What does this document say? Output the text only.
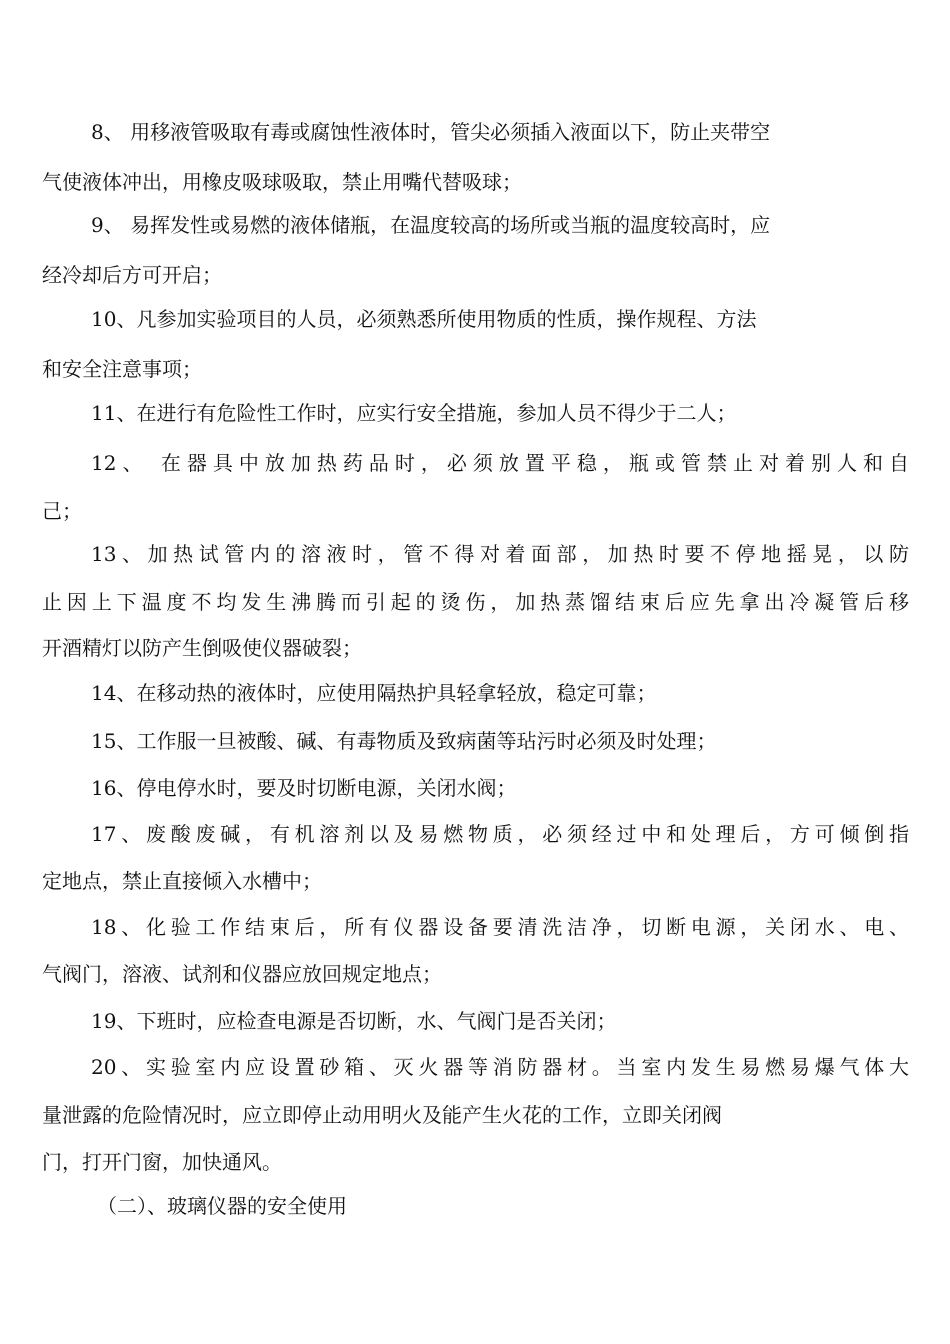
8、 用移液管吸取有毒或腐蚀性液体时，管尖必须插入液面以下，防止夹带空
气使液体冲出，用橡皮吸球吸取，禁止用嘴代替吸球；
9、 易挥发性或易燃的液体储瓶，在温度较高的场所或当瓶的温度较高时，应
经冷却后方可开启；
10、凡参加实验项目的人员，必须熟悉所使用物质的性质，操作规程、方法
和安全注意事项；
11、在进行有危险性工作时，应实行安全措施，参加人员不得少于二人；
12、 在器具中放加热药品时，必须放置平稳，瓶或管禁止对着别人和自
己；
13、加热试管内的溶液时，管不得对着面部，加热时要不停地摇晃，以防
止因上下温度不均发生沸腾而引起的烫伤，加热蒸馏结束后应先拿出冷凝管后移
开酒精灯以防产生倒吸使仪器破裂；
14、在移动热的液体时，应使用隔热护具轻拿轻放，稳定可靠；
15、工作服一旦被酸、碱、有毒物质及致病菌等玷污时必须及时处理；
16、停电停水时，要及时切断电源，关闭水阀；
17、废酸废碱，有机溶剂以及易燃物质，必须经过中和处理后，方可倾倒指
定地点，禁止直接倾入水槽中；
18、化验工作结束后，所有仪器设备要清洗洁净，切断电源，关闭水、电、
气阀门，溶液、试剂和仪器应放回规定地点；
19、下班时，应检查电源是否切断，水、气阀门是否关闭；
20、实验室内应设置砂箱、灭火器等消防器材。当室内发生易燃易爆气体大
量泄露的危险情况时，应立即停止动用明火及能产生火花的工作，立即关闭阀
门，打开门窗，加快通风。
（二）、玻璃仪器的安全使用
